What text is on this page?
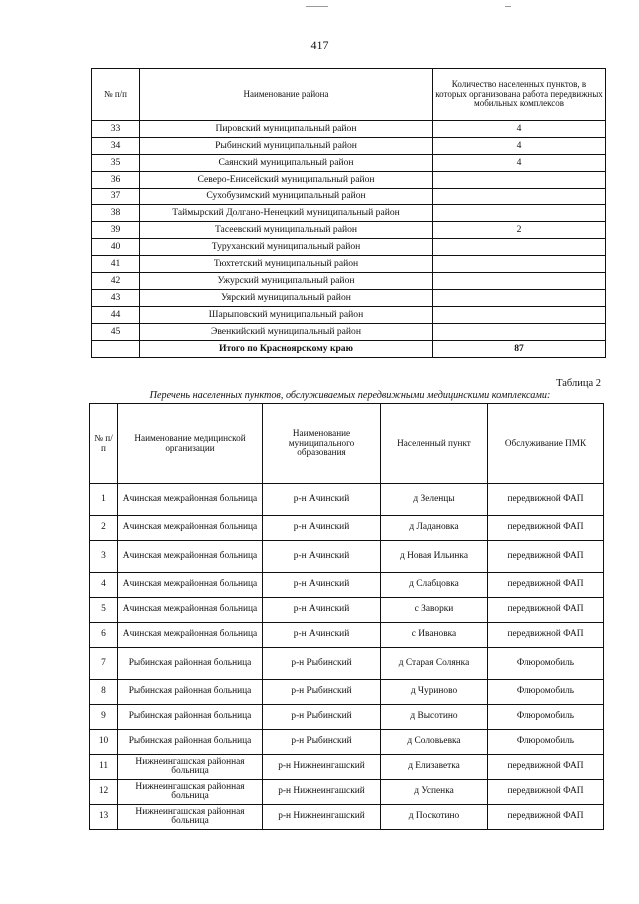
417
№ п/п	Наименование района	Количество населенных пунктов, в которых организована работа передвижных мобильных комплексов
33	Пировский муниципальный район	4
34	Рыбинский муниципальный район	4
35	Саянский муниципальный район	4
36	Северо-Енисейский муниципальный район	
37	Сухобузимский муниципальный район	
38	Таймырский Долгано-Ненецкий муниципальный район	
39	Тасеевский муниципальный район	2
40	Туруханский муниципальный район	
41	Тюхтетский муниципальный район	
42	Ужурский муниципальный район	
43	Уярский муниципальный район	
44	Шарыповский муниципальный район	
45	Эвенкийский муниципальный район	
	Итого по Красноярскому краю	87
Таблица 2
Перечень населенных пунктов, обслуживаемых передвижными медицинскими комплексами:
№ п/п	Наименование медицинской организации	Наименование муниципального образования	Населенный пункт	Обслуживание ПМК
1	Ачинская межрайонная больница	р-н Ачинский	д Зеленцы	передвижной ФАП
2	Ачинская межрайонная больница	р-н Ачинский	д Ладановка	передвижной ФАП
3	Ачинская межрайонная больница	р-н Ачинский	д Новая Ильинка	передвижной ФАП
4	Ачинская межрайонная больница	р-н Ачинский	д Слабцовка	передвижной ФАП
5	Ачинская межрайонная больница	р-н Ачинский	с Заворки	передвижной ФАП
6	Ачинская межрайонная больница	р-н Ачинский	с Ивановка	передвижной ФАП
7	Рыбинская районная больница	р-н Рыбинский	д Старая Солянка	Флюромобиль
8	Рыбинская районная больница	р-н Рыбинский	д Чуриново	Флюромобиль
9	Рыбинская районная больница	р-н Рыбинский	д Высотино	Флюромобиль
10	Рыбинская районная больница	р-н Рыбинский	д Соловьевка	Флюромобиль
11	Нижнеингашская районная больница	р-н Нижнеингашский	д Елизаветка	передвижной ФАП
12	Нижнеингашская районная больница	р-н Нижнеингашский	д Успенка	передвижной ФАП
13	Нижнеингашская районная больница	р-н Нижнеингашский	д Поскотино	передвижной ФАП
